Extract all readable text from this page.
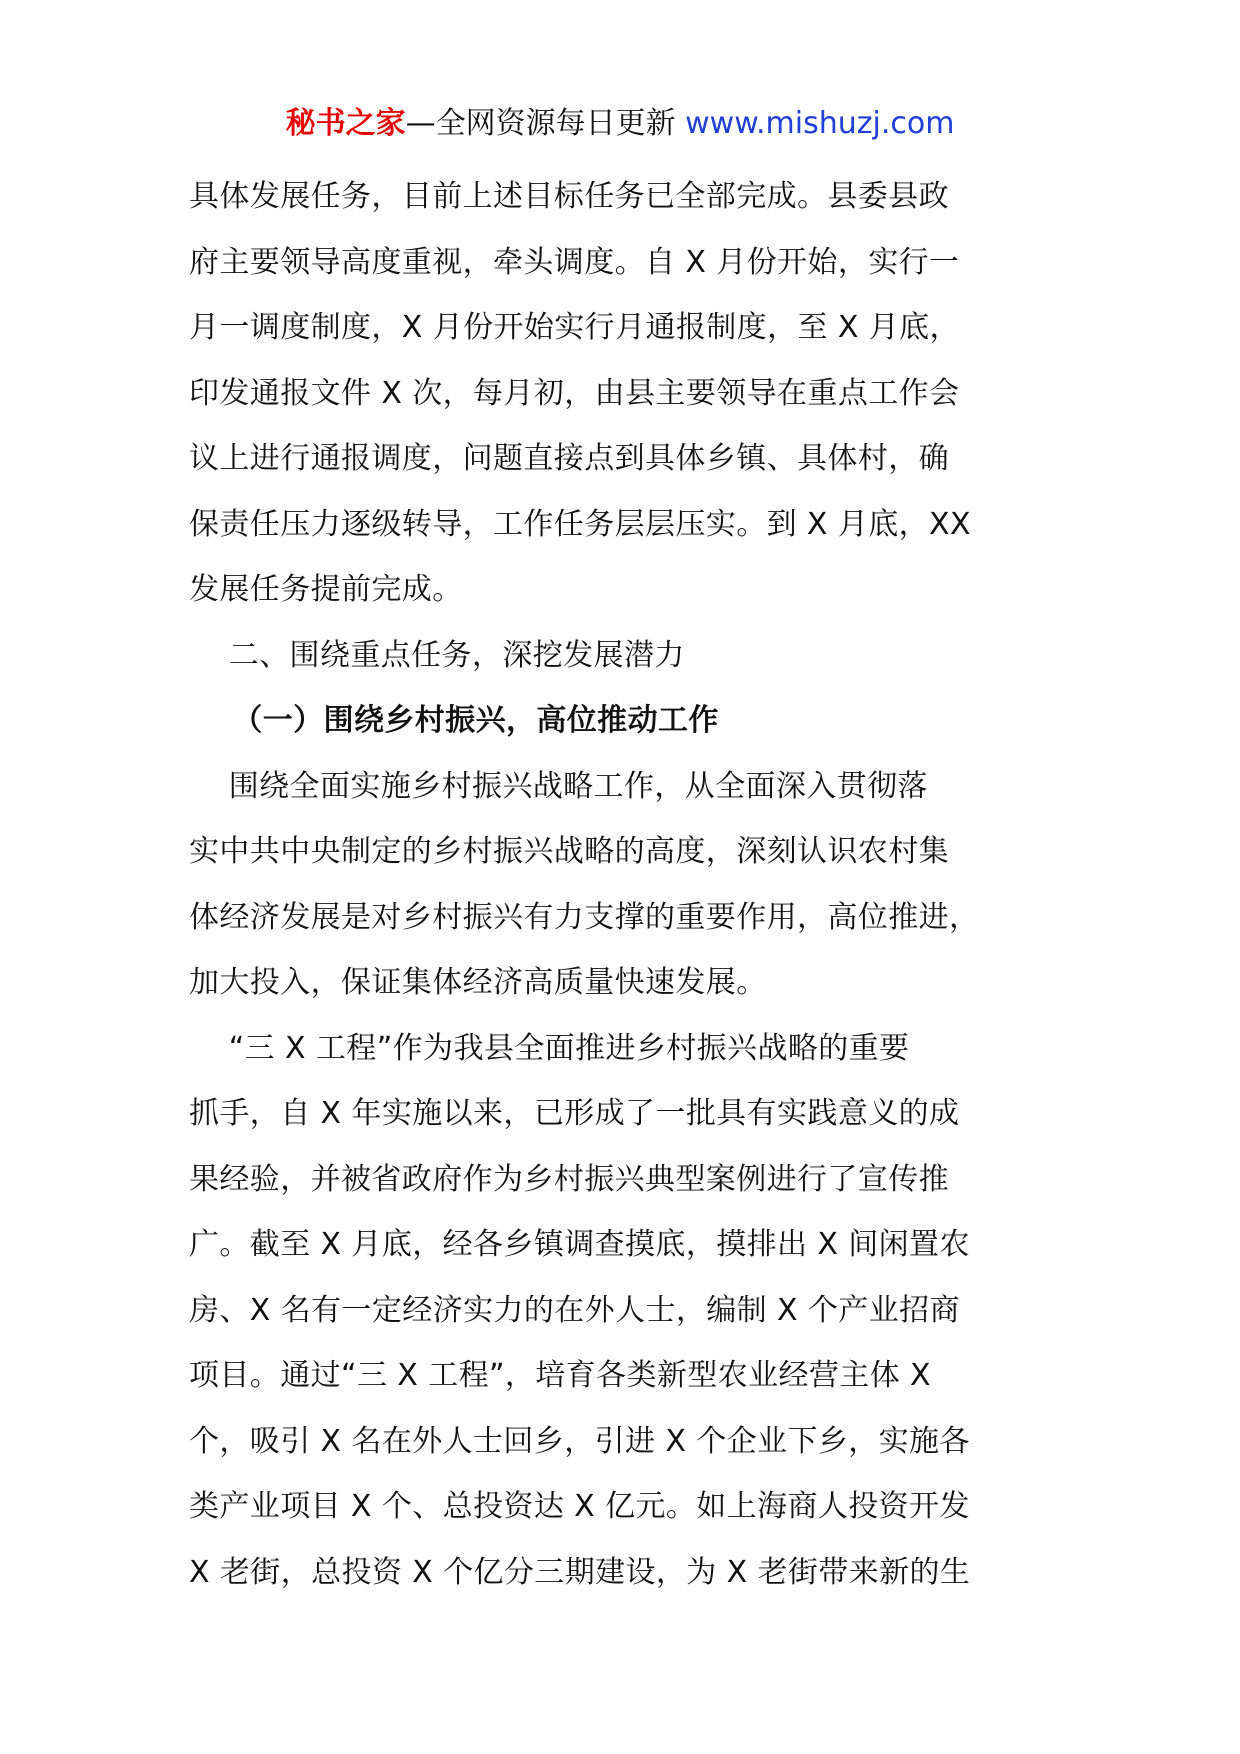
秘书之家—全网资源每日更新 www.mishuzj.com
具体发展任务，目前上述目标任务已全部完成。县委县政
府主要领导高度重视，牵头调度。自 X 月份开始，实行一
月一调度制度，X 月份开始实行月通报制度，至 X 月底，
印发通报文件 X 次，每月初，由县主要领导在重点工作会
议上进行通报调度，问题直接点到具体乡镇、具体村，确
保责任压力逐级转导，工作任务层层压实。到 X 月底，XX
发展任务提前完成。
二、围绕重点任务，深挖发展潜力
（一）围绕乡村振兴，高位推动工作
围绕全面实施乡村振兴战略工作，从全面深入贯彻落
实中共中央制定的乡村振兴战略的高度，深刻认识农村集
体经济发展是对乡村振兴有力支撑的重要作用，高位推进，
加大投入，保证集体经济高质量快速发展。
“三 X 工程”作为我县全面推进乡村振兴战略的重要
抓手，自 X 年实施以来，已形成了一批具有实践意义的成
果经验，并被省政府作为乡村振兴典型案例进行了宣传推
广。截至 X 月底，经各乡镇调查摸底，摸排出 X 间闲置农
房、X 名有一定经济实力的在外人士，编制 X 个产业招商
项目。通过“三 X 工程”，培育各类新型农业经营主体 X
个，吸引 X 名在外人士回乡，引进 X 个企业下乡，实施各
类产业项目 X 个、总投资达 X 亿元。如上海商人投资开发
X 老街，总投资 X 个亿分三期建设，为 X 老街带来新的生
